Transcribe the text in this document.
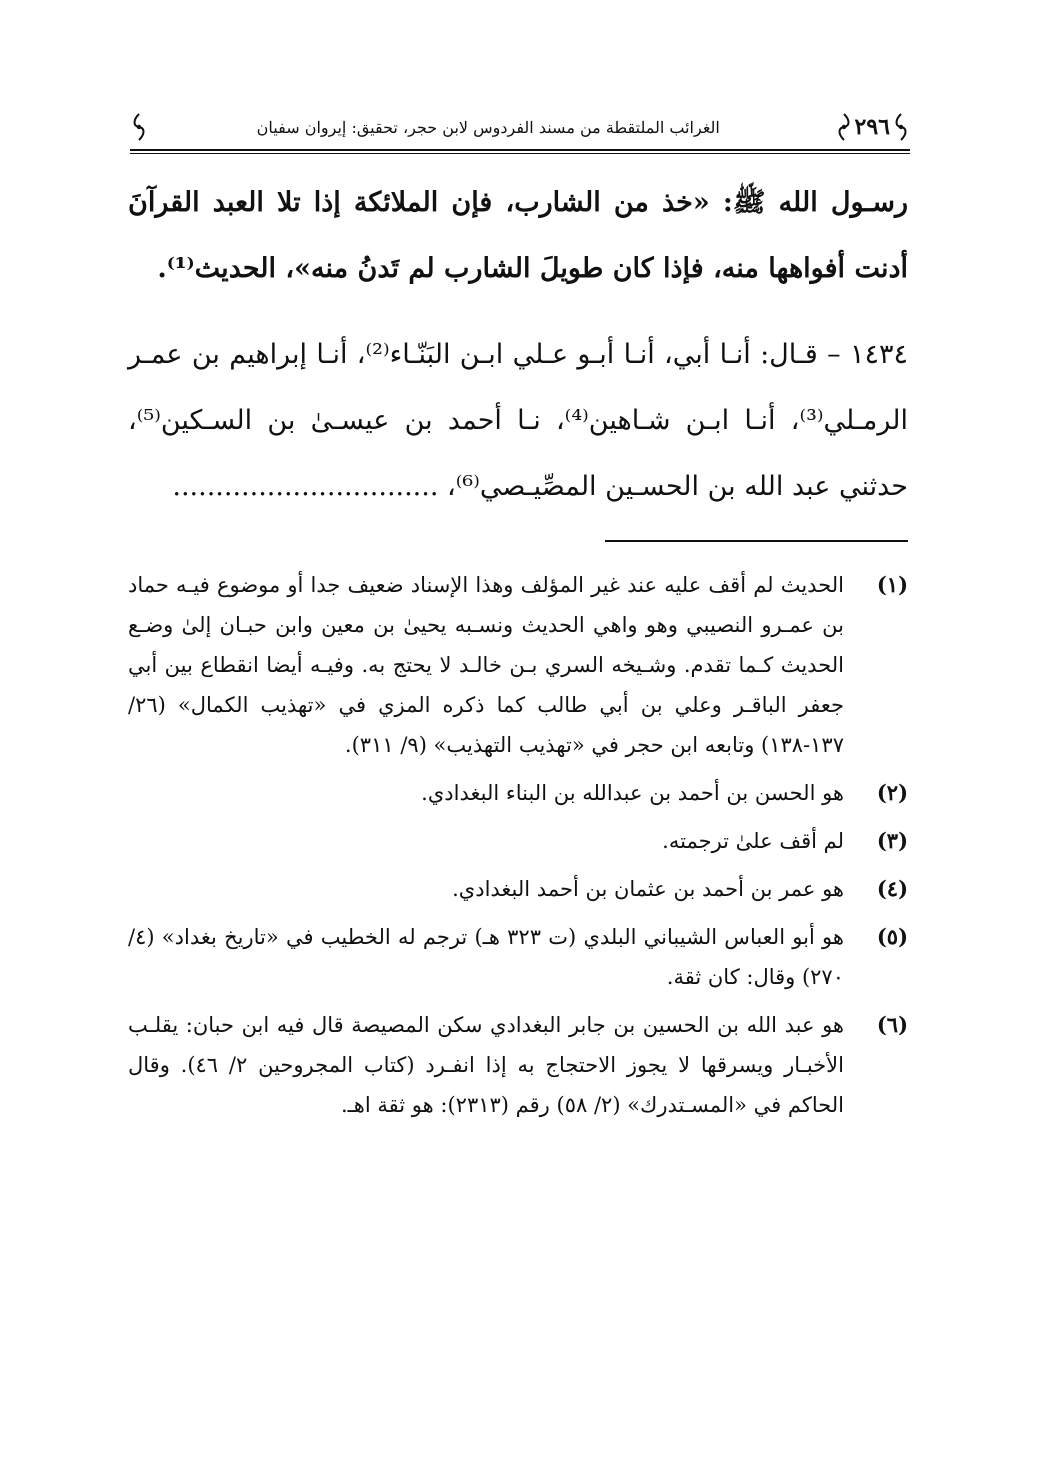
٢٩٦
الغرائب الملتقطة من مسند الفردوس لابن حجر، تحقيق: إيروان سفيان

رسـول الله ﷺ: «خذ من الشارب، فإن الملائكة إذا تلا العبد القرآنَ أدنت أفواهها منه، فإذا كان طويلَ الشارب لم تَدنُ منه»، الحديث⁽¹⁾.

١٤٣٤ – قـال: أنـا أبي، أنـا أبـو عـلي ابـن البَنّـاء⁽²⁾، أنـا إبراهيم بن عمـر الرمـلي⁽³⁾، أنـا ابـن شـاهين⁽⁴⁾، نـا أحمد بن عيسـىٰ بن السـكين⁽⁵⁾، حدثني عبد الله بن الحسـين المصِّيـصي⁽⁶⁾، ...............................

(١)
الحديث لم أقف عليه عند غير المؤلف وهذا الإسناد ضعيف جدا أو موضوع فيـه حماد بن عمـرو النصيبي وهو واهي الحديث ونسـبه يحيىٰ بن معين وابن حبـان إلىٰ وضـع الحديث كـما تقدم. وشـيخه السري بـن خالـد لا يحتج به. وفيـه أيضا انقطاع بين أبي جعفر الباقـر وعلي بن أبي طالب كما ذكره المزي في «تهذيب الكمال» (٢٦/ ١٣٧-١٣٨) وتابعه ابن حجر في «تهذيب التهذيب» (٩/ ٣١١).
(٢)
هو الحسن بن أحمد بن عبدالله بن البناء البغدادي.
(٣)
لم أقف علىٰ ترجمته.
(٤)
هو عمر بن أحمد بن عثمان بن أحمد البغدادي.
(٥)
هو أبو العباس الشيباني البلدي (ت ٣٢٣ هـ) ترجم له الخطيب في «تاريخ بغداد» (٤/ ٢٧٠) وقال: كان ثقة.
(٦)
هو عبد الله بن الحسين بن جابر البغدادي سكن المصيصة قال فيه ابن حبان: يقلـب الأخبـار ويسرقها لا يجوز الاحتجاج به إذا انفـرد (كتاب المجروحين ٢/ ٤٦). وقال الحاكم في «المسـتدرك» (٢/ ٥٨) رقم (٢٣١٣): هو ثقة اهـ.
